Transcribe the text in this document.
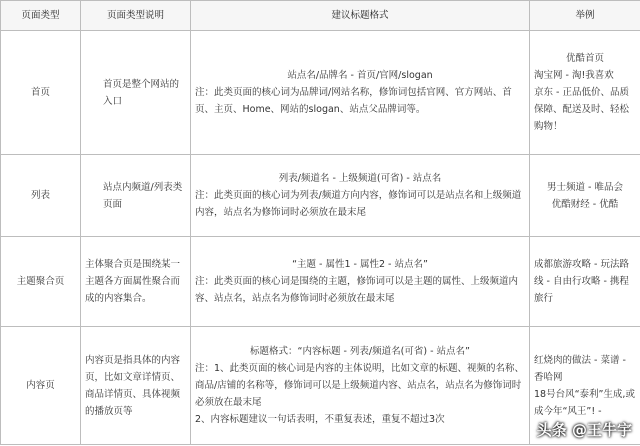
页面类型	页面类型说明	建议标题格式	举例
首页	首页是整个网站的入口	站点名/品牌名 - 首页/官网/slogan
注：此类页面的核心词为品牌词/网站名称，修饰词包括官网、官方网站、首页、主页、Home、网站的slogan、站点父品牌词等。	优酷首页
淘宝网 - 淘!我喜欢
京东 - 正品低价、品质保障、配送及时、轻松购物！

列表	站点内频道/列表类页面	列表/频道名 - 上级频道(可省) - 站点名
注：此类页面的核心词为列表/频道方向内容，修饰词可以是站点名和上级频道内容，站点名为修饰词时必须放在最末尾	男士频道 - 唯品会
优酷财经 - 优酷

主题聚合页	主体聚合页是围绕某一主题各方面属性聚合而成的内容集合。	“主题 - 属性1 - 属性2 - 站点名”
注：此类页面的核心词是围绕的主题，修饰词可以是主题的属性、上级频道内容、站点名，站点名为修饰词时必须放在最末尾	成都旅游攻略 - 玩法路线 - 自由行攻略 - 携程旅行

内容页	内容页是指具体的内容页，比如文章详情页、商品详情页、具体视频的播放页等	标题格式：“内容标题 - 列表/频道名(可省) - 站点名”
注：1、此类页面的核心词是内容的主体说明，比如文章的标题、视频的名称、商品/店铺的名称等，修饰词可以是上级频道内容、站点名，站点名为修饰词时必须放在最末尾
2、内容标题建议一句话表明，不重复表述，重复不超过3次	红烧肉的做法 - 菜谱 - 香哈网
18号台风“泰利”生成,或成今年“风王”! -
头条 @王牛宇
